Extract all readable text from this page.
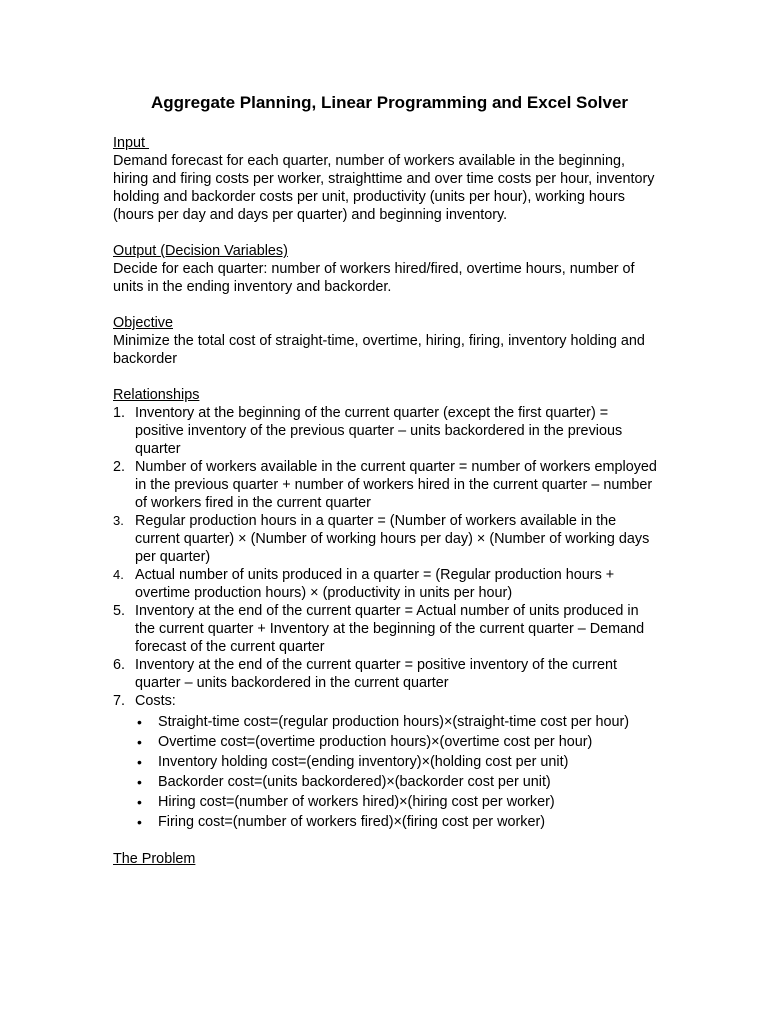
Aggregate Planning, Linear Programming and Excel Solver
Input

Demand forecast for each quarter, number of workers available in the beginning, hiring and firing costs per worker, straighttime and over time costs per hour, inventory holding and backorder costs per unit, productivity (units per hour), working hours (hours per day and days per quarter) and beginning inventory.

Output (Decision Variables)

Decide for each quarter: number of workers hired/fired, overtime hours, number of units in the ending inventory and backorder.

Objective

Minimize the total cost of straight-time, overtime, hiring, firing, inventory holding and backorder

Relationships
1. Inventory at the beginning of the current quarter (except the first quarter) = positive inventory of the previous quarter – units backordered in the previous quarter
2. Number of workers available in the current quarter = number of workers employed in the previous quarter + number of workers hired in the current quarter – number of workers fired in the current quarter
3. Regular production hours in a quarter = (Number of workers available in the current quarter) × (Number of working hours per day) × (Number of working days per quarter)
4. Actual number of units produced in a quarter = (Regular production hours + overtime production hours) × (productivity in units per hour)
5. Inventory at the end of the current quarter = Actual number of units produced in the current quarter + Inventory at the beginning of the current quarter – Demand forecast of the current quarter
6. Inventory at the end of the current quarter = positive inventory of the current quarter – units backordered in the current quarter
7. Costs:
• Straight-time cost=(regular production hours)×(straight-time cost per hour)
• Overtime cost=(overtime production hours)×(overtime cost per hour)
• Inventory holding cost=(ending inventory)×(holding cost per unit)
• Backorder cost=(units backordered)×(backorder cost per unit)
• Hiring cost=(number of workers hired)×(hiring cost per worker)
• Firing cost=(number of workers fired)×(firing cost per worker)
The Problem
